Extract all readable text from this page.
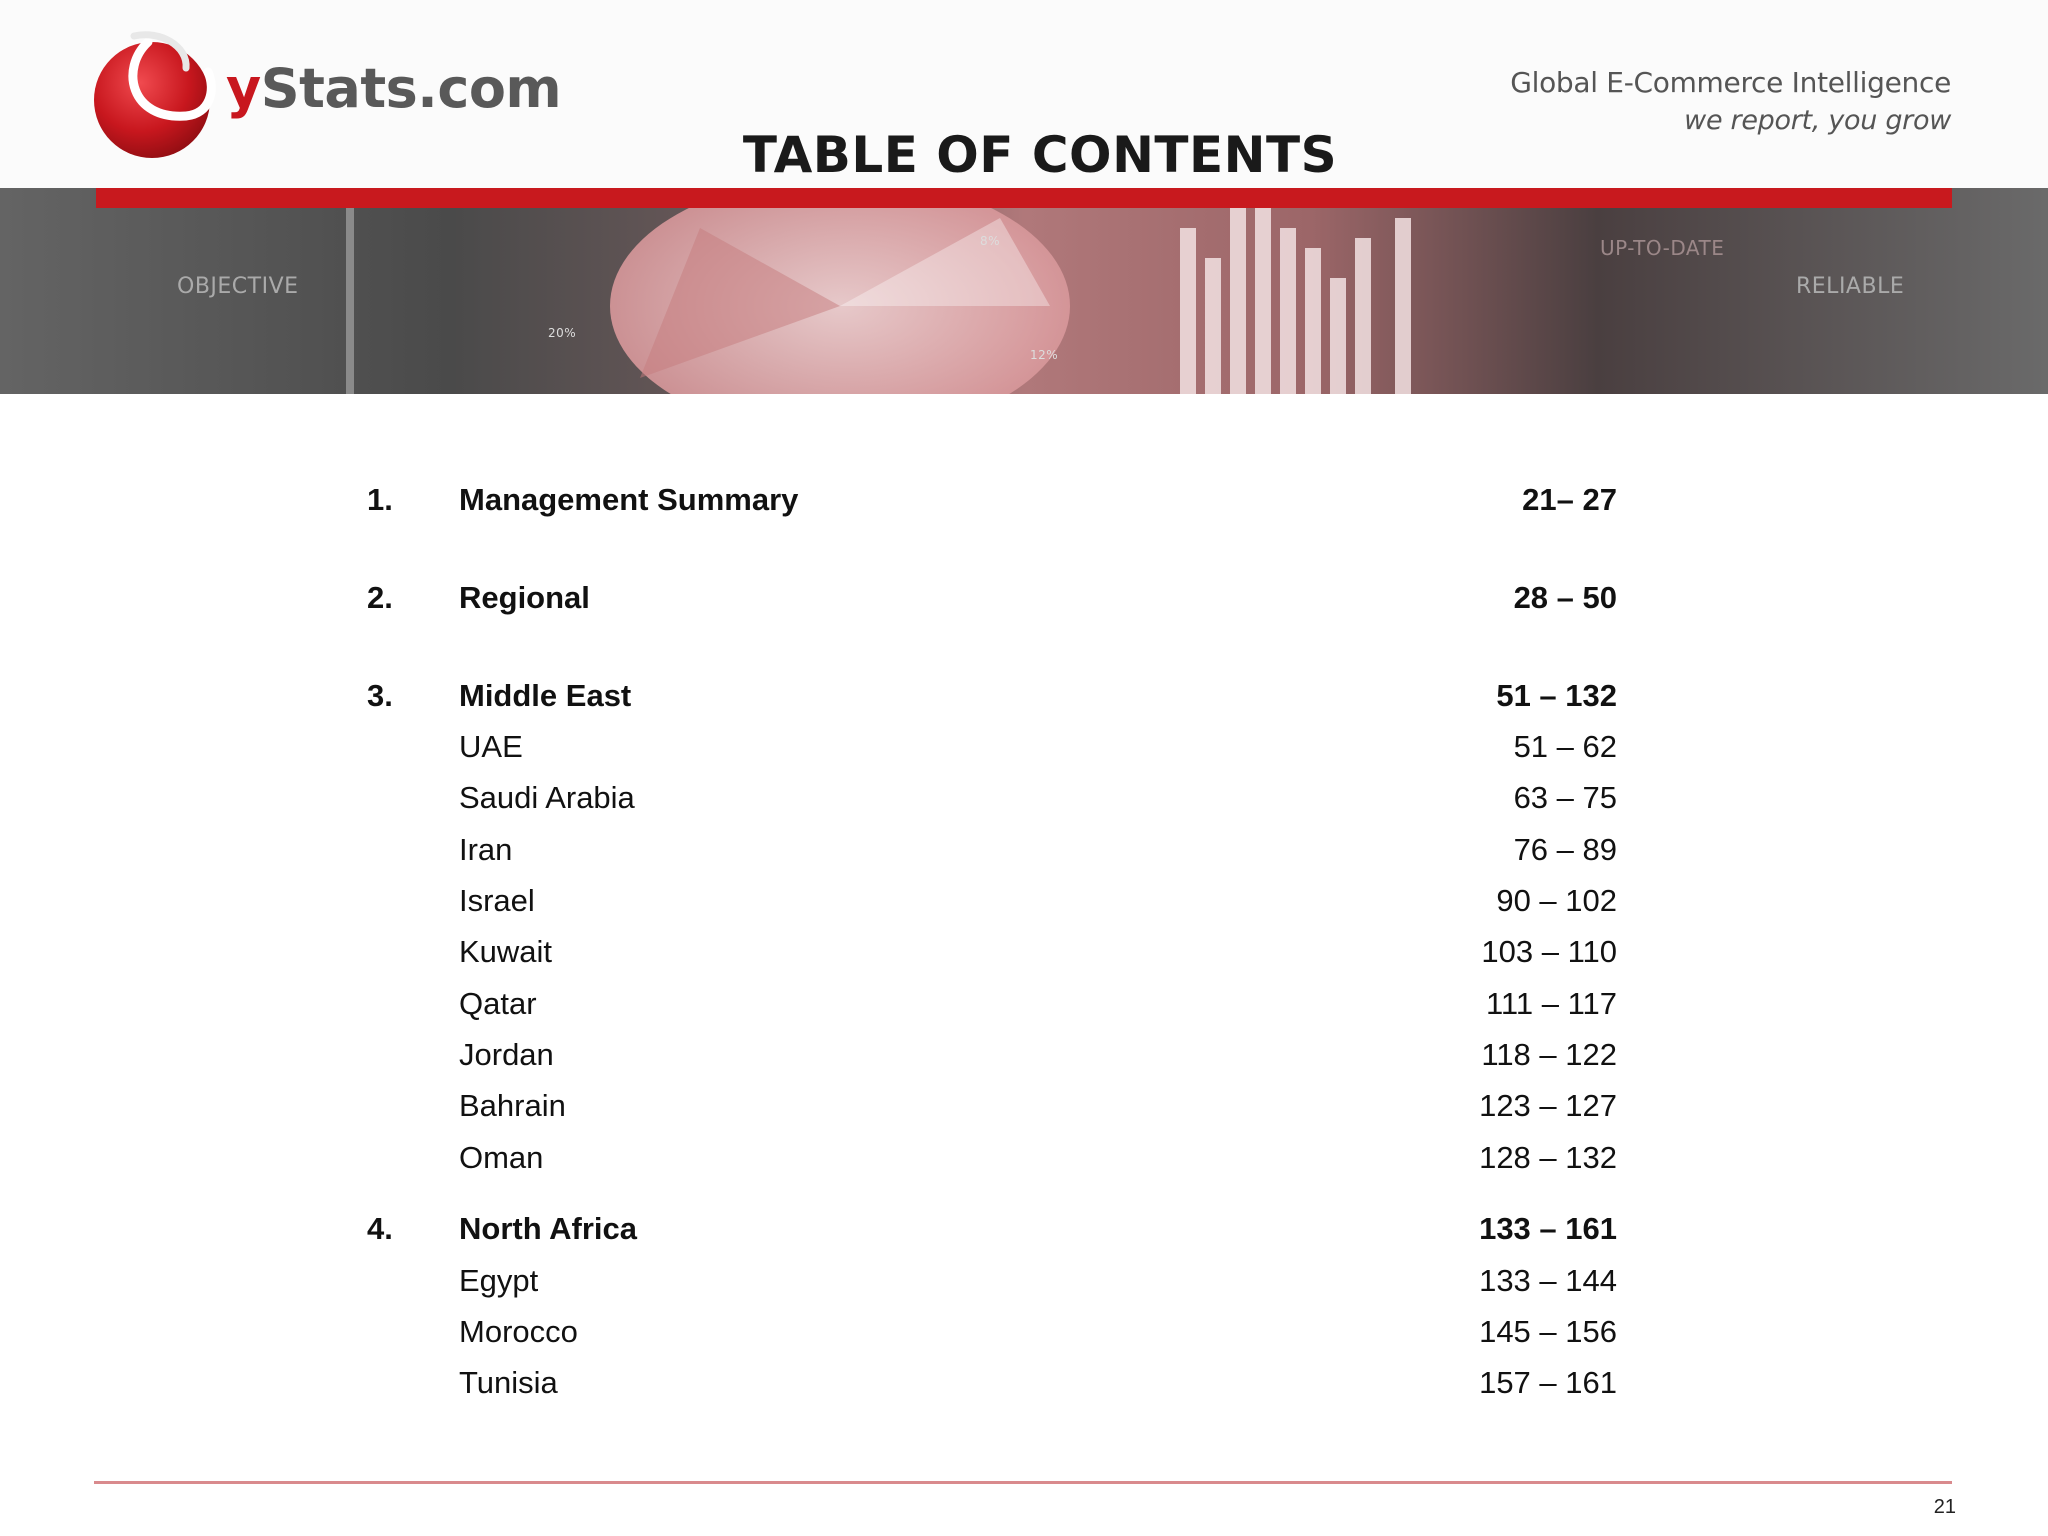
yStats.com	Global E-Commerce Intelligence
we report, you grow
TABLE OF CONTENTS
OBJECTIVE
UP-TO-DATE
RELIABLE
20%
8%
12%
1. Management Summary	21– 27
2. Regional	28 – 50
3. Middle East	51 – 132
UAE	51 – 62
Saudi Arabia	63 – 75
Iran	76 – 89
Israel	90 – 102
Kuwait	103 – 110
Qatar	111 – 117
Jordan	118 – 122
Bahrain	123 – 127
Oman	128 – 132
4. North Africa	133 – 161
Egypt	133 – 144
Morocco	145 – 156
Tunisia	157 – 161
21
